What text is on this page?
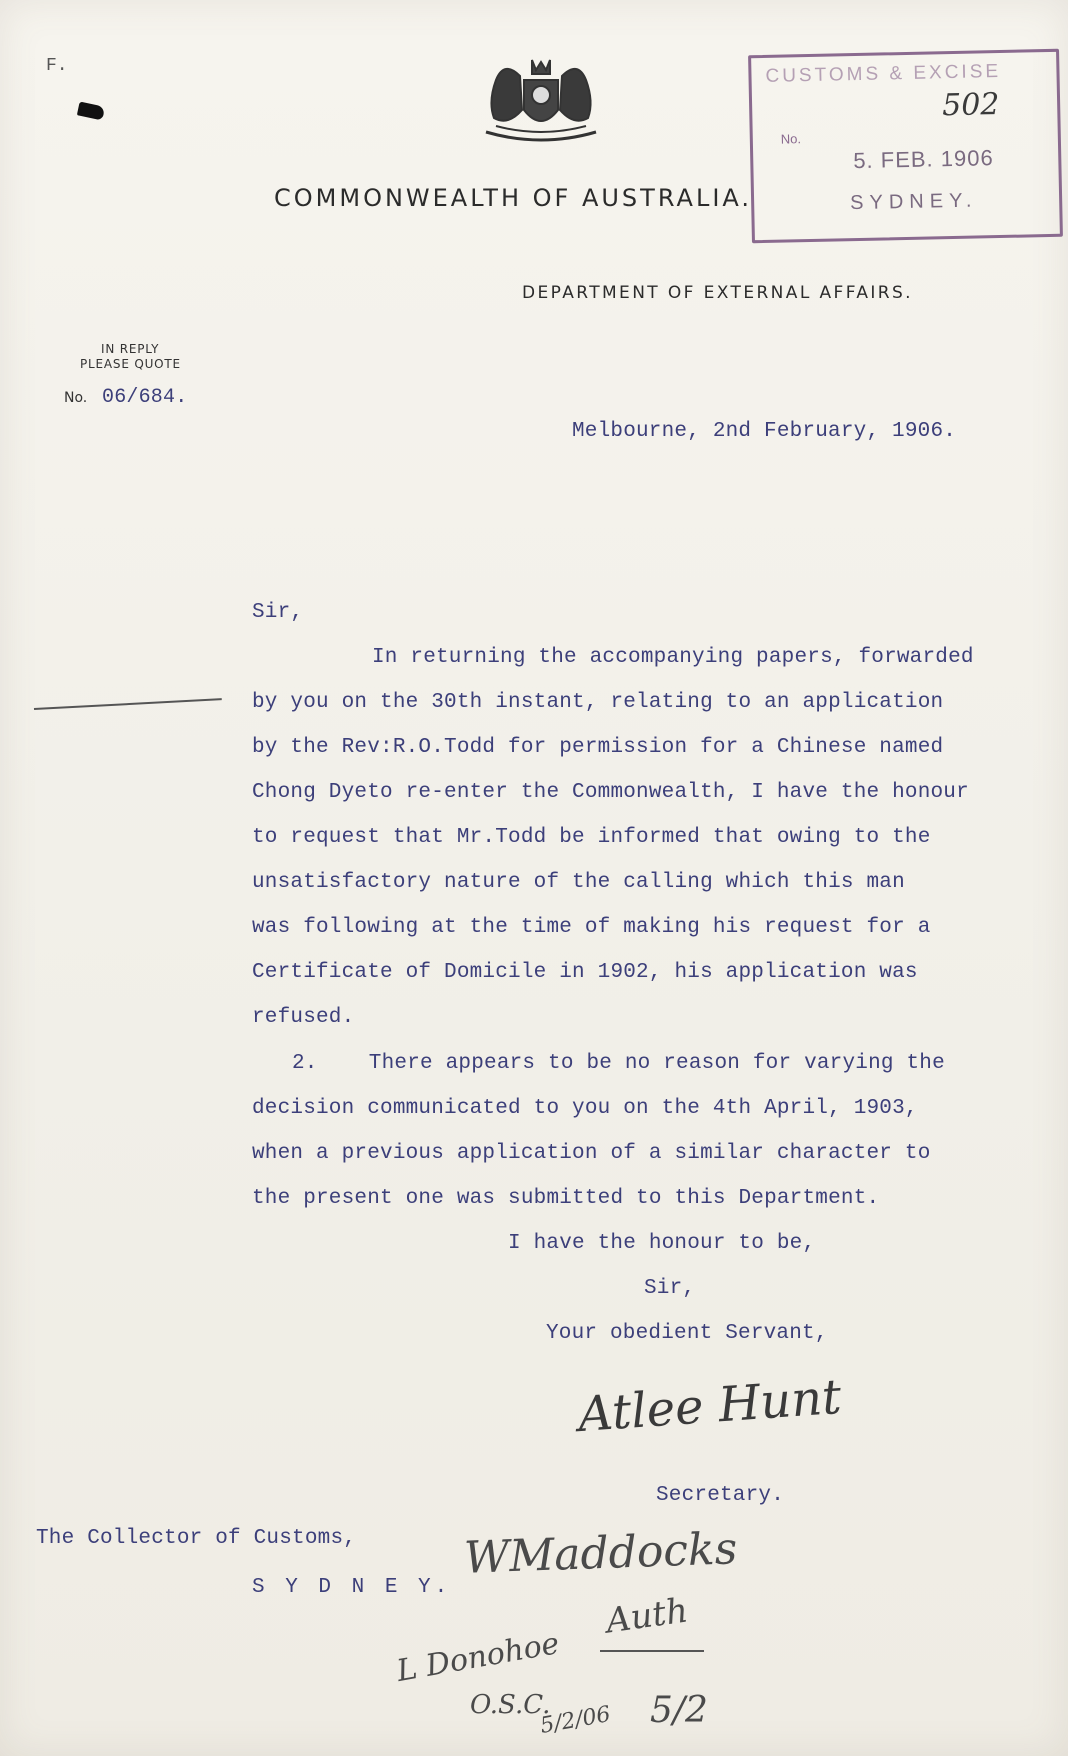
F.
COMMONWEALTH OF AUSTRALIA.
DEPARTMENT OF EXTERNAL AFFAIRS.
CUSTOMS & EXCISE
502
No.
5. FEB. 1906
SYDNEY.
IN REPLY
PLEASE QUOTE
No. 06/684.
Melbourne, 2nd February, 1906.
Sir,
In returning the accompanying papers, forwarded
by you on the 30th instant, relating to an application
by the Rev:R.O.Todd for permission for a Chinese named
Chong Dyeto re-enter the Commonwealth, I have the honour
to request that Mr.Todd be informed that owing to the
unsatisfactory nature of the calling which this man
was following at the time of making his request for a
Certificate of Domicile in 1902, his application was
refused.
2.    There appears to be no reason for varying the
decision communicated to you on the 4th April, 1903,
when a previous application of a similar character to
the present one was submitted to this Department.
I have the honour to be,
Sir,
Your obedient Servant,
Atlee Hunt
Secretary.
The Collector of Customs,
S Y D N E Y.
WMaddocks
Auth
L Donohoe
O.S.C.
5/2/06 5/2
